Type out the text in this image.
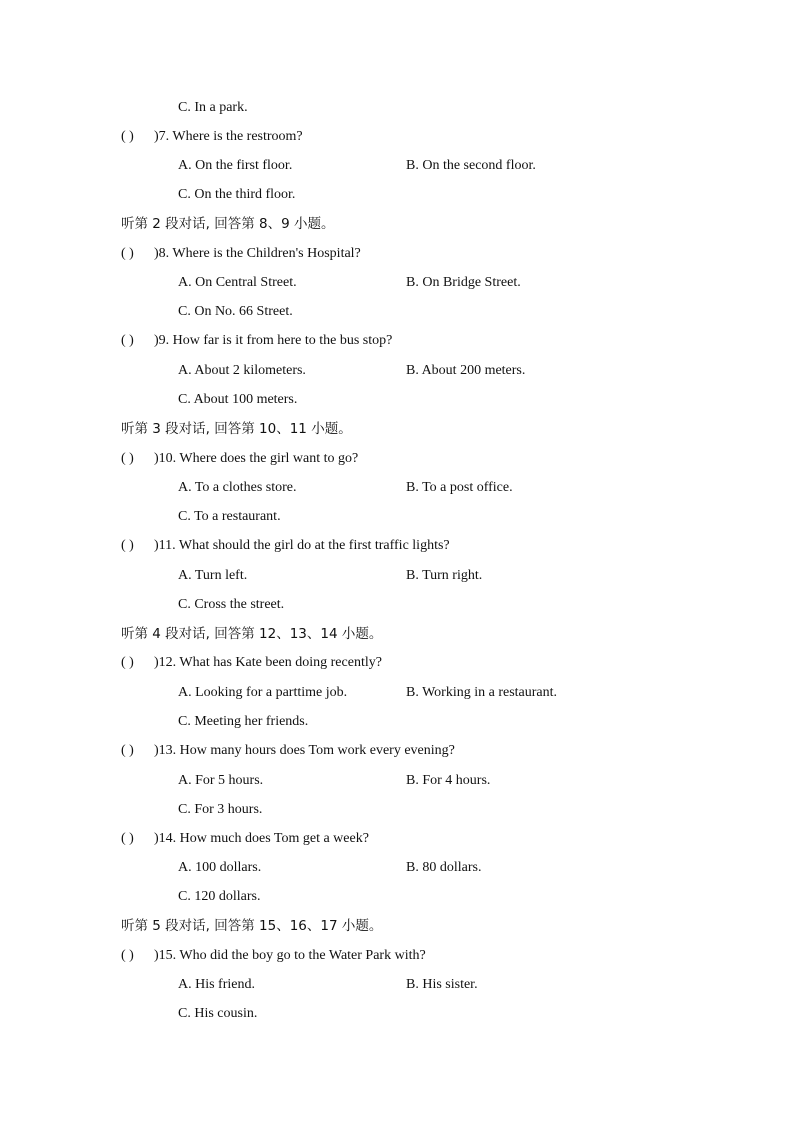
C. In a park.
( ) )7. Where is the restroom?
A. On the first floor.	B. On the second floor.
C. On the third floor.
听第 2 段对话, 回答第 8、9 小题。
( ) )8. Where is the Children's Hospital?
A. On Central Street.	B. On Bridge Street.
C. On No. 66 Street.
( ) )9. How far is it from here to the bus stop?
A. About 2 kilometers.	B. About 200 meters.
C. About 100 meters.
听第 3 段对话, 回答第 10、11 小题。
( ) )10. Where does the girl want to go?
A. To a clothes store.	B. To a post office.
C. To a restaurant.
( ) )11. What should the girl do at the first traffic lights?
A. Turn left.	B. Turn right.
C. Cross the street.
听第 4 段对话, 回答第 12、13、14 小题。
( ) )12. What has Kate been doing recently?
A. Looking for a parttime job.	B. Working in a restaurant.
C. Meeting her friends.
( ) )13. How many hours does Tom work every evening?
A. For 5 hours.	B. For 4 hours.
C. For 3 hours.
( ) )14. How much does Tom get a week?
A. 100 dollars.	B. 80 dollars.
C. 120 dollars.
听第 5 段对话, 回答第 15、16、17 小题。
( ) )15. Who did the boy go to the Water Park with?
A. His friend.	B. His sister.
C. His cousin.
